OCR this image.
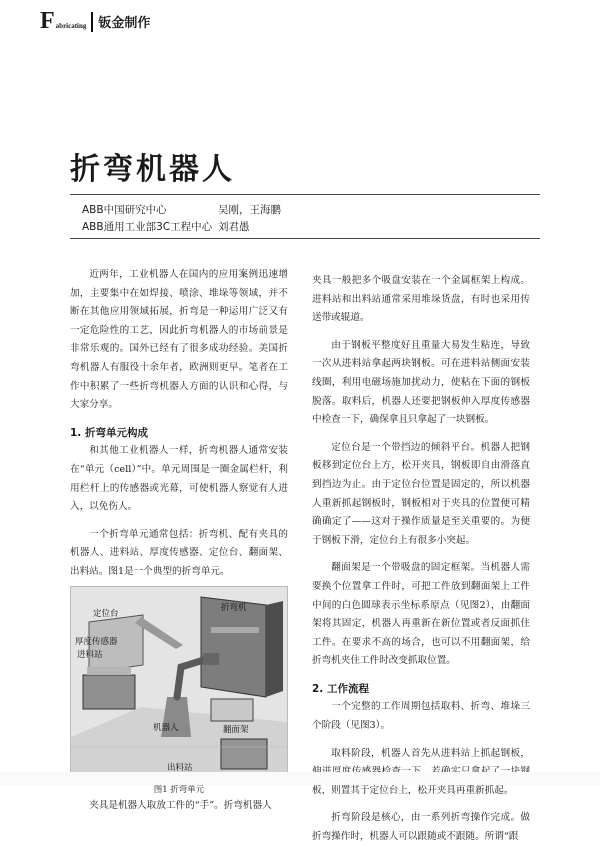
F abricating 钣金制作
折弯机器人
ABB中国研究中心	吴刚，王海鹏
ABB通用工业部3C工程中心 刘君愚

近两年，工业机器人在国内的应用案例迅速增加，主要集中在如焊接、喷涂、堆垛等领域，并不断在其他应用领域拓展，折弯是一种运用广泛又有一定危险性的工艺，因此折弯机器人的市场前景是非常乐观的。国外已经有了很多成功经验。美国折弯机器人有服役十余年者，欧洲则更早。笔者在工作中积累了一些折弯机器人方面的认识和心得，与大家分享。

1. 折弯单元构成

和其他工业机器人一样，折弯机器人通常安装在“单元（cell）”中。单元周围是一圈金属栏杆，利用栏杆上的传感器或光幕，可使机器人察觉有人进入，以免伤人。

一个折弯单元通常包括：折弯机、配有夹具的机器人、进料站、厚度传感器、定位台、翻面架、出料站。图1是一个典型的折弯单元。

定位台
折弯机
厚度传感器
进料站
机器人	翻面架
出料站

图1 折弯单元

夹具是机器人取放工件的“手”。折弯机器人

夹具一般把多个吸盘安装在一个金属框架上构成。进料站和出料站通常采用堆垛货盘，有时也采用传送带或辊道。

由于钢板平整度好且重量大易发生粘连，导致一次从进料站拿起两块钢板。可在进料站侧面安装线圈，利用电磁场施加扰动力，使粘在下面的钢板脱落。取料后，机器人还要把钢板伸入厚度传感器中检查一下，确保拿且只拿起了一块钢板。

定位台是一个带挡边的倾斜平台。机器人把钢板移到定位台上方，松开夹具，钢板即自由滑落直到挡边为止。由于定位台位置是固定的，所以机器人重新抓起钢板时，钢板相对于夹具的位置便可精确确定了——这对于操作质量是至关重要的。为便于钢板下滑，定位台上有很多小突起。

翻面架是一个带吸盘的固定框架。当机器人需要换个位置拿工件时，可把工件放到翻面架上工件中间的白色圆球表示坐标系原点（见图2），由翻面架将其固定，机器人再重新在新位置或者反面抓住工件。在要求不高的场合，也可以不用翻面架，给折弯机夹住工件时改变抓取位置。

2. 工作流程

一个完整的工作周期包括取料、折弯、堆垛三个阶段（见图3）。

取料阶段，机器人首先从进料站上抓起钢板， 板，则置其于定位台上，松开夹具再重新抓起。

折弯阶段是核心，由一系列折弯操作完成。做折弯操作时，机器人可以跟随或不跟随。所谓“跟
